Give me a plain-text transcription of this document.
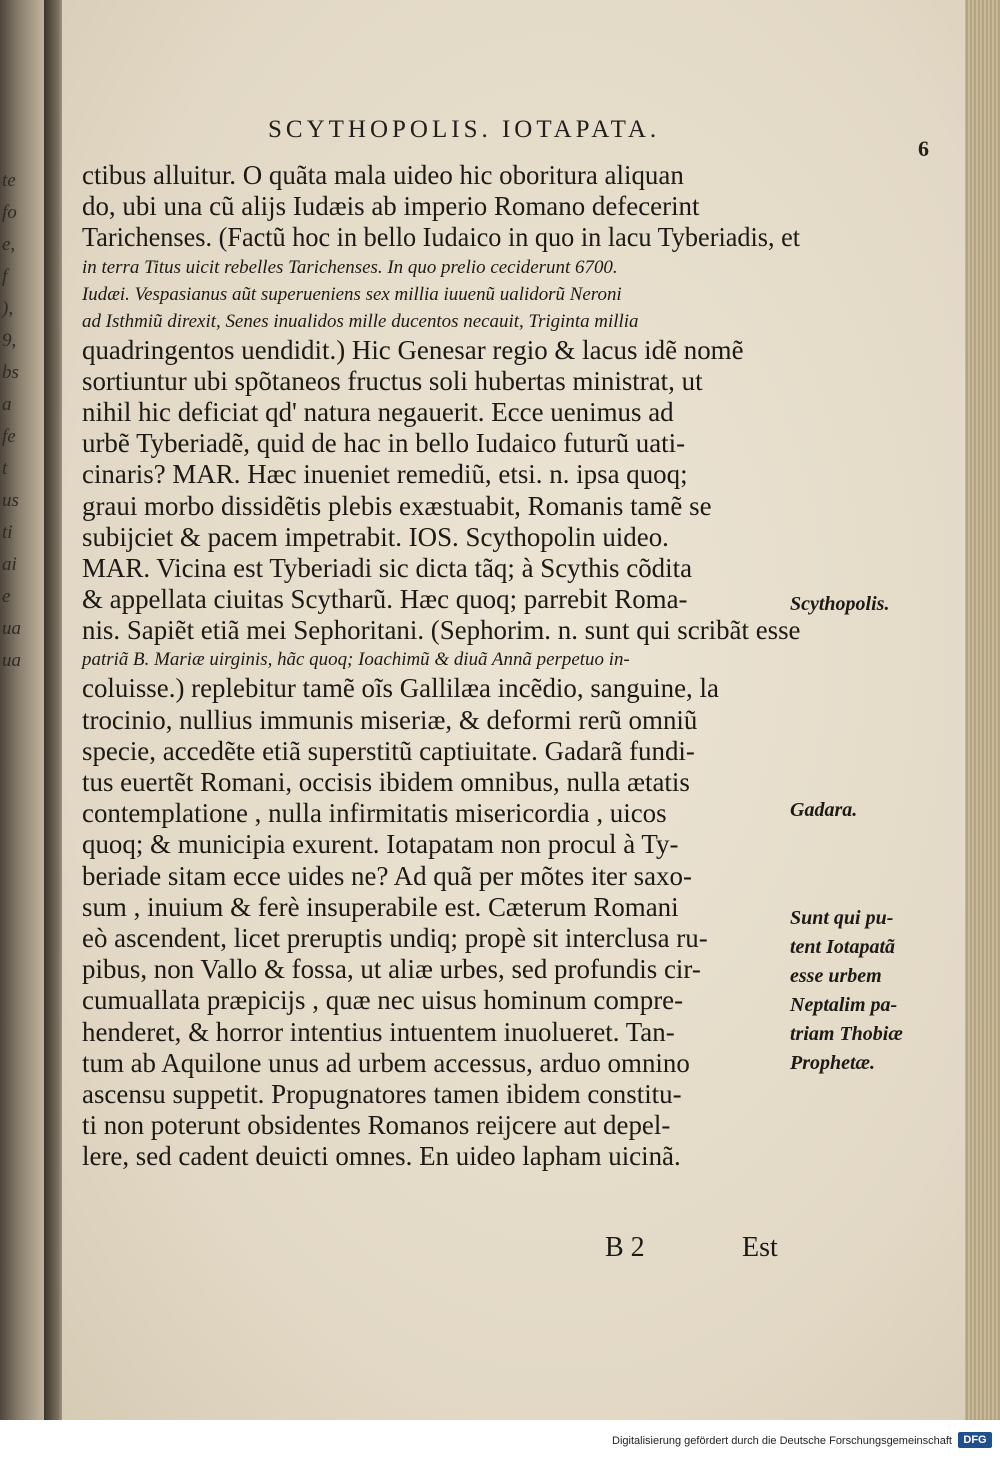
te
fo
e,
f
),
9,
bs
a
fe
t
us
ti
ai
e
ua
ua
SCYTHOPOLIS. IOTAPATA.
6
ctibus alluitur. O quãta mala uideo hic oboritura aliquan
do, ubi una cũ alijs Iudæis ab imperio Romano defecerint
Tarichenses. (Factũ hoc in bello Iudaico in quo in lacu Tyberiadis, et
in terra Titus uicit rebelles Tarichenses. In quo prelio ceciderunt 6700.
Iudæi. Vespasianus aũt superueniens sex millia iuuenũ ualidorũ Neroni
ad Isthmiũ direxit, Senes inualidos mille ducentos necauit, Triginta millia
quadringentos uendidit.) Hic Genesar regio & lacus idẽ nomẽ
sortiuntur ubi spõtaneos fructus soli hubertas ministrat, ut
nihil hic deficiat qd' natura negauerit. Ecce uenimus ad
urbẽ Tyberiadẽ, quid de hac in bello Iudaico futurũ uati-
cinaris? MAR. Hæc inueniet remediũ, etsi. n. ipsa quoq;
graui morbo dissidẽtis plebis exæstuabit, Romanis tamẽ se
subijciet & pacem impetrabit. IOS. Scythopolin uideo.
MAR. Vicina est Tyberiadi sic dicta tãq; à Scythis cõdita
& appellata ciuitas Scytharũ. Hæc quoq; parrebit Roma-
nis. Sapiẽt etiã mei Sephoritani. (Sephorim. n. sunt qui scribãt esse
patriã B. Mariæ uirginis, hãc quoq; Ioachimũ & diuã Annã perpetuo in-
coluisse.) replebitur tamẽ oĩs Gallilæa incẽdio, sanguine, la
trocinio, nullius immunis miseriæ, & deformi rerũ omniũ
specie, accedẽte etiã superstitũ captiuitate. Gadarã fundi-
tus euertẽt Romani, occisis ibidem omnibus, nulla ætatis
contemplatione , nulla infirmitatis misericordia , uicos
quoq; & municipia exurent. Iotapatam non procul à Ty-
beriade sitam ecce uides ne? Ad quã per mõtes iter saxo-
sum , inuium & ferè insuperabile est. Cæterum Romani
eò ascendent, licet preruptis undiq; propè sit interclusa ru-
pibus, non Vallo & fossa, ut aliæ urbes, sed profundis cir-
cumuallata præpicijs , quæ nec uisus hominum compre-
henderet, & horror intentius intuentem inuolueret. Tan-
tum ab Aquilone unus ad urbem accessus, arduo omnino
ascensu suppetit. Propugnatores tamen ibidem constitu-
ti non poterunt obsidentes Romanos reijcere aut depel-
lere, sed cadent deuicti omnes. En uideo lapham uicinã.
Scythopolis.
Gadara.
Sunt qui pu-
tent Iotapatã
esse urbem
Neptalim pa-
triam Thobiæ
Prophetæ.
B 2	Est
Digitalisierung gefördert durch die Deutsche Forschungsgemeinschaft	DFG
